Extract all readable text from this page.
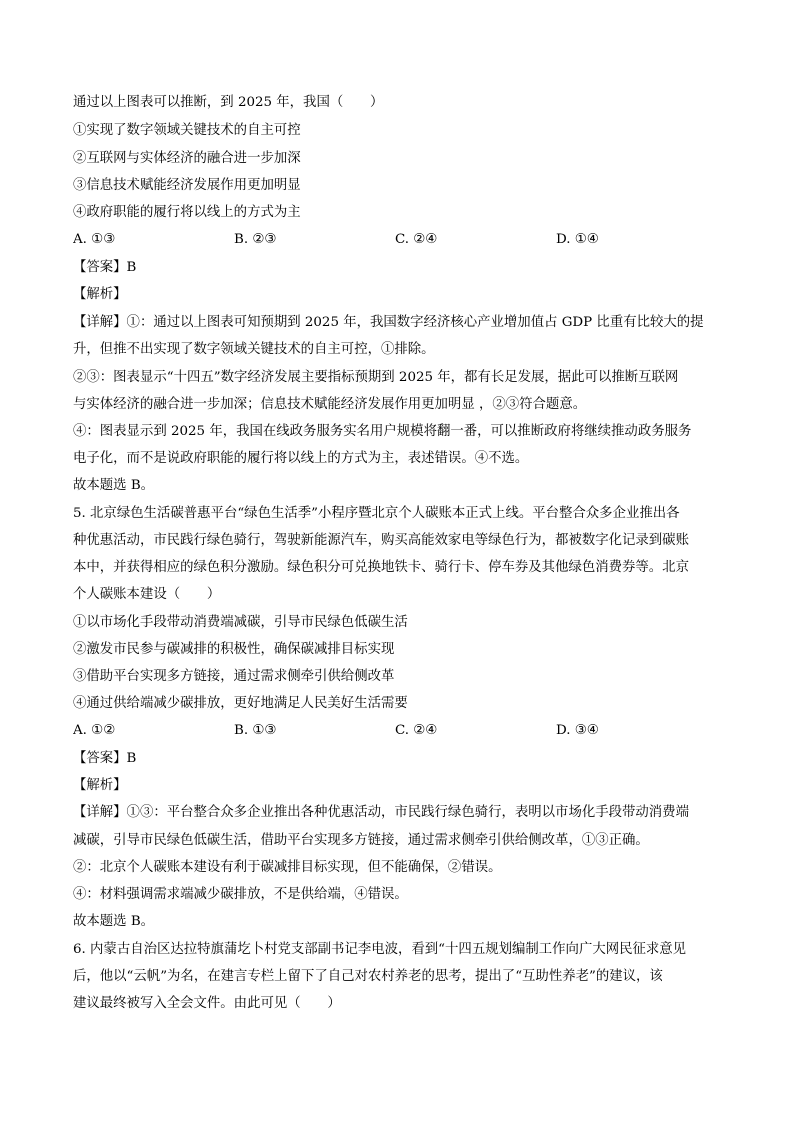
通过以上图表可以推断，到 2025 年，我国（　　）
①实现了数字领域关键技术的自主可控
②互联网与实体经济的融合进一步加深
③信息技术赋能经济发展作用更加明显
④政府职能的履行将以线上的方式为主
A. ①③	B. ②③	C. ②④	D. ①④
【答案】B
【解析】
【详解】①：通过以上图表可知预期到 2025 年，我国数字经济核心产业增加值占 GDP 比重有比较大的提
升，但推不出实现了数字领域关键技术的自主可控，①排除。
②③：图表显示“十四五”数字经济发展主要指标预期到 2025 年，都有长足发展，据此可以推断互联网
与实体经济的融合进一步加深；信息技术赋能经济发展作用更加明显 ，②③符合题意。
④：图表显示到 2025 年，我国在线政务服务实名用户规模将翻一番，可以推断政府将继续推动政务服务
电子化，而不是说政府职能的履行将以线上的方式为主，表述错误。④不选。
故本题选 B。
5. 北京绿色生活碳普惠平台“绿色生活季”小程序暨北京个人碳账本正式上线。平台整合众多企业推出各
种优惠活动，市民践行绿色骑行，驾驶新能源汽车，购买高能效家电等绿色行为，都被数字化记录到碳账
本中，并获得相应的绿色积分激励。绿色积分可兑换地铁卡、骑行卡、停车券及其他绿色消费券等。北京
个人碳账本建设（　　）
①以市场化手段带动消费端减碳，引导市民绿色低碳生活
②激发市民参与碳减排的积极性，确保碳减排目标实现
③借助平台实现多方链接，通过需求侧牵引供给侧改革
④通过供给端减少碳排放，更好地满足人民美好生活需要
A. ①②	B. ①③	C. ②④	D. ③④
【答案】B
【解析】
【详解】①③：平台整合众多企业推出各种优惠活动，市民践行绿色骑行，表明以市场化手段带动消费端
减碳，引导市民绿色低碳生活，借助平台实现多方链接，通过需求侧牵引供给侧改革，①③正确。
②：北京个人碳账本建设有利于碳减排目标实现，但不能确保，②错误。
④：材料强调需求端减少碳排放，不是供给端，④错误。
故本题选 B。
6. 内蒙古自治区达拉特旗蒲圪卜村党支部副书记李电波，看到“十四五规划编制工作向广大网民征求意见
后，他以“云帆”为名，在建言专栏上留下了自己对农村养老的思考，提出了“互助性养老”的建议，该
建议最终被写入全会文件。由此可见（　　）
